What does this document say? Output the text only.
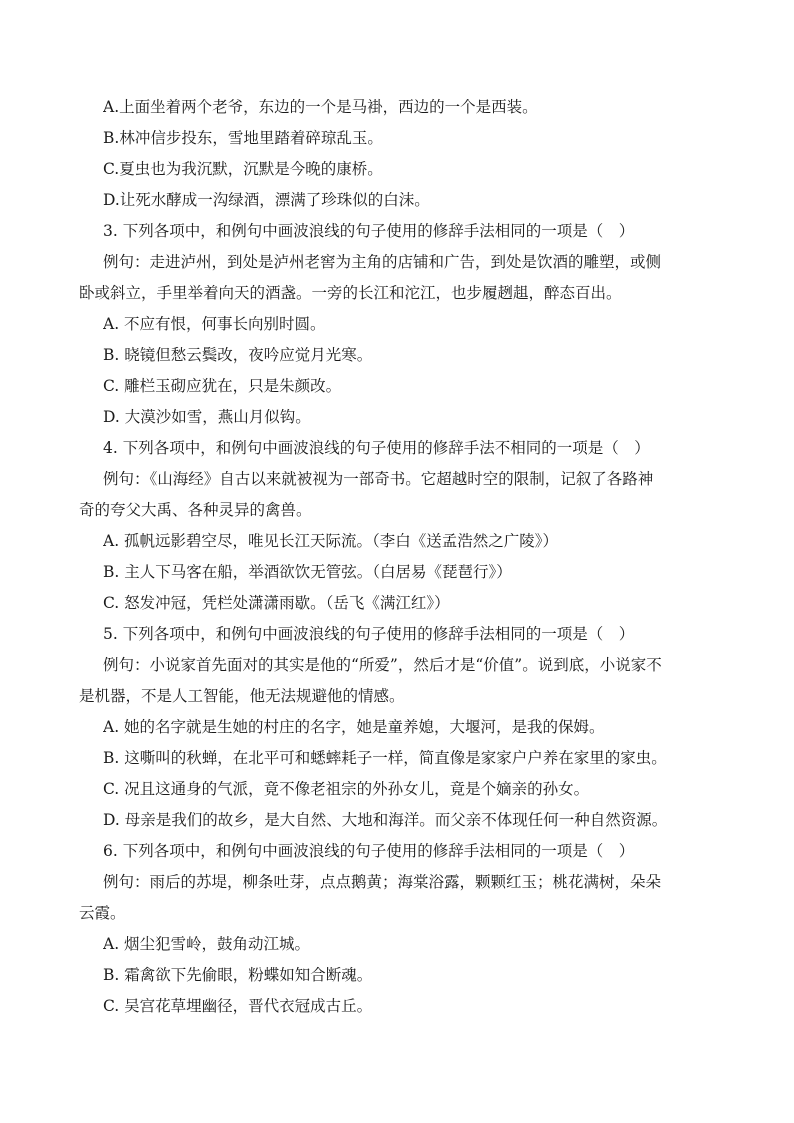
A.上面坐着两个老爷，东边的一个是马褂，西边的一个是西装。
B.林冲信步投东，雪地里踏着碎琼乱玉。
C.夏虫也为我沉默，沉默是今晚的康桥。
D.让死水酵成一沟绿酒，漂满了珍珠似的白沫。
3. 下列各项中，和例句中画波浪线的句子使用的修辞手法相同的一项是（　）
例句：走进泸州，到处是泸州老窖为主角的店铺和广告，到处是饮酒的雕塑，或侧
卧或斜立，手里举着向天的酒盏。一旁的长江和沱江，也步履趔趄，醉态百出。
A. 不应有恨，何事长向别时圆。
B. 晓镜但愁云鬓改，夜吟应觉月光寒。
C. 雕栏玉砌应犹在，只是朱颜改。
D. 大漠沙如雪，燕山月似钩。
4. 下列各项中，和例句中画波浪线的句子使用的修辞手法不相同的一项是（　）
例句：《山海经》自古以来就被视为一部奇书。它超越时空的限制，记叙了各路神
奇的夸父大禹、各种灵异的禽兽。
A. 孤帆远影碧空尽，唯见长江天际流。（李白《送孟浩然之广陵》）
B. 主人下马客在船，举酒欲饮无管弦。（白居易《琵琶行》）
C. 怒发冲冠，凭栏处潇潇雨歇。（岳飞《满江红》）
5. 下列各项中，和例句中画波浪线的句子使用的修辞手法相同的一项是（　）
例句：小说家首先面对的其实是他的“所爱”，然后才是“价值”。说到底，小说家不
是机器，不是人工智能，他无法规避他的情感。
A. 她的名字就是生她的村庄的名字，她是童养媳，大堰河，是我的保姆。
B. 这嘶叫的秋蝉，在北平可和蟋蟀耗子一样，简直像是家家户户养在家里的家虫。
C. 况且这通身的气派，竟不像老祖宗的外孙女儿，竟是个嫡亲的孙女。
D. 母亲是我们的故乡，是大自然、大地和海洋。而父亲不体现任何一种自然资源。
6. 下列各项中，和例句中画波浪线的句子使用的修辞手法相同的一项是（　）
例句：雨后的苏堤，柳条吐芽，点点鹅黄；海棠浴露，颗颗红玉；桃花满树，朵朵
云霞。
A. 烟尘犯雪岭，鼓角动江城。
B. 霜禽欲下先偷眼，粉蝶如知合断魂。
C. 吴宫花草埋幽径，晋代衣冠成古丘。
